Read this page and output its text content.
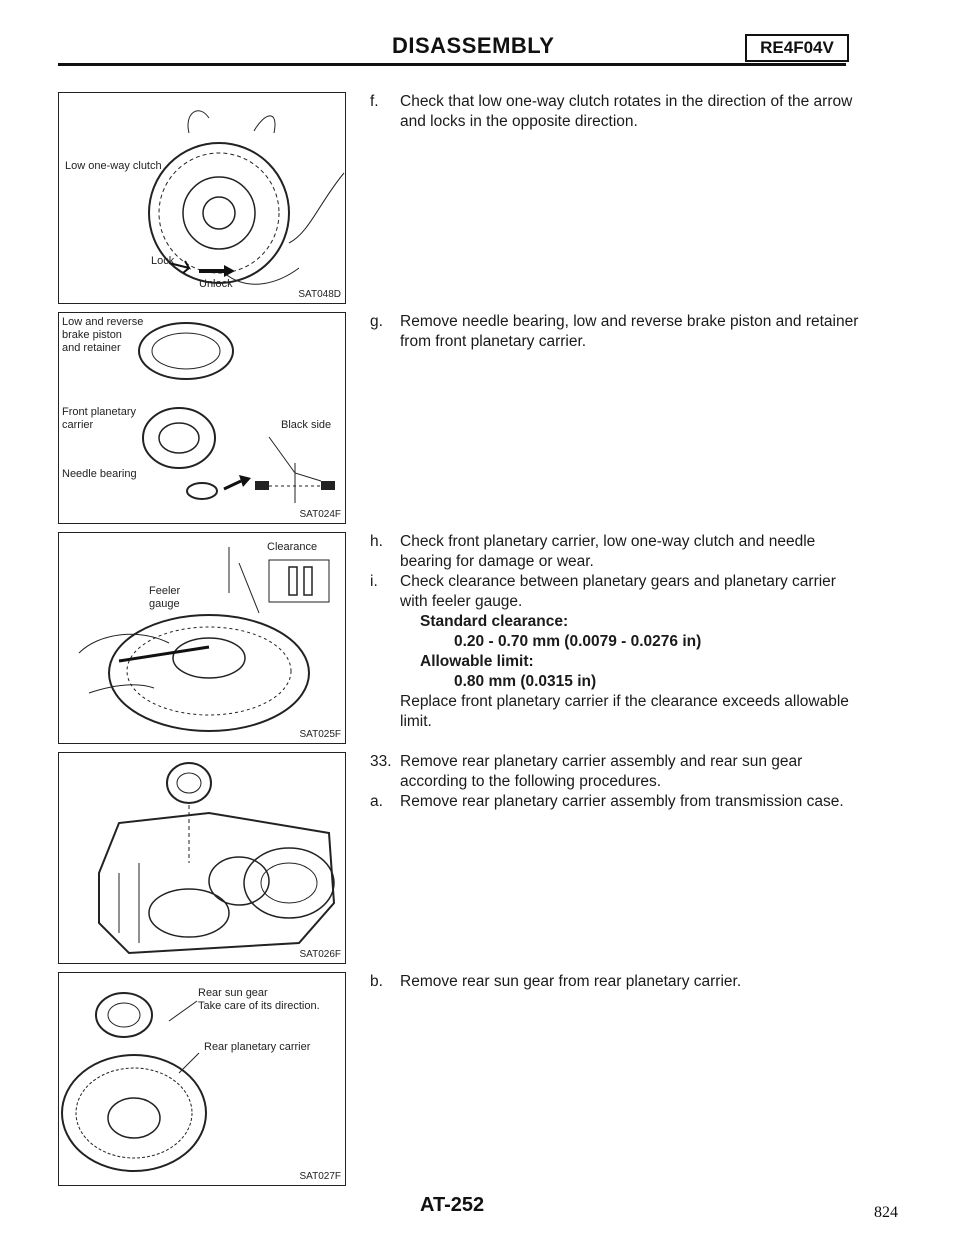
DISASSEMBLY	RE4F04V
Low one-way clutch
Lock
Unlock
SAT048D
Low and reverse
brake piston
and retainer
Front planetary
carrier	Black side
Needle bearing
SAT024F
Clearance
Feeler
gauge
SAT025F
SAT026F
Rear sun gear
Take care of its direction.
Rear planetary carrier
SAT027F
f. Check that low one-way clutch rotates in the direction of the arrow and locks in the opposite direction.
g. Remove needle bearing, low and reverse brake piston and retainer from front planetary carrier.
h. Check front planetary carrier, low one-way clutch and needle bearing for damage or wear.
i. Check clearance between planetary gears and planetary carrier with feeler gauge.
Standard clearance:
0.20 - 0.70 mm (0.0079 - 0.0276 in)
Allowable limit:
0.80 mm (0.0315 in)
Replace front planetary carrier if the clearance exceeds allowable limit.
33. Remove rear planetary carrier assembly and rear sun gear according to the following procedures.
a. Remove rear planetary carrier assembly from transmission case.
b. Remove rear sun gear from rear planetary carrier.
AT-252	824
